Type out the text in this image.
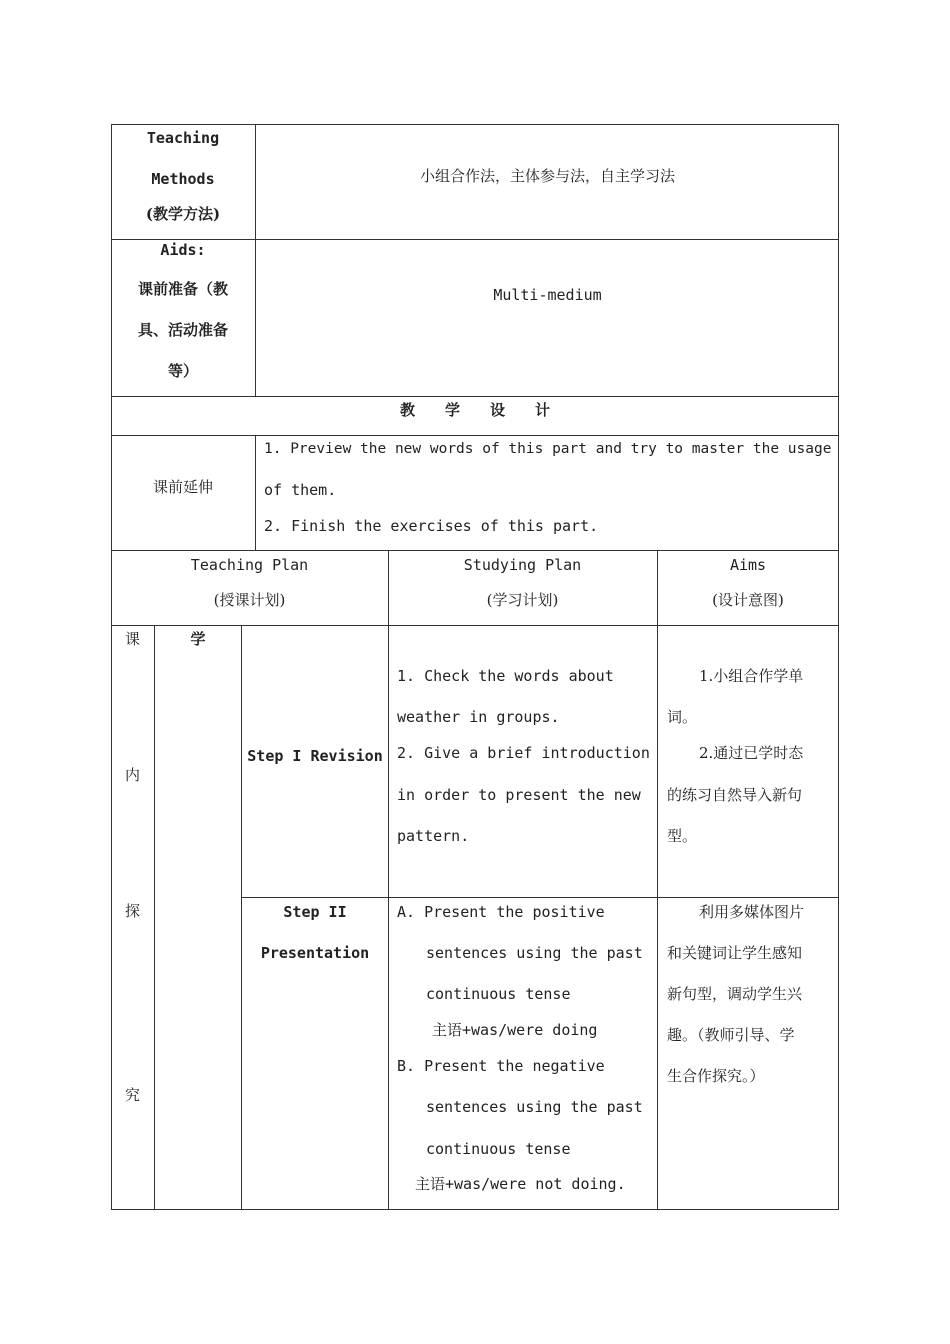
Teaching
Methods
(教学方法)
小组合作法，主体参与法，自主学习法
Aids:
课前准备（教
具、活动准备
等）
Multi-medium
教　　学　　设　　计
课前延伸
1. Preview the new words of this part and try to master the usage
of them.
2. Finish the exercises of this part.
Teaching Plan
(授课计划)
Studying Plan
(学习计划)
Aims
(设计意图)
课
内
探
究
学
Step I Revision
1. Check the words about
weather in groups.
2. Give a brief introduction
in order to present the new
pattern.
1.小组合作学单
词。
2.通过已学时态
的练习自然导入新句
型。
Step II
Presentation
A. Present the positive
sentences using the past
continuous tense
主语+was/were doing
B. Present the negative
sentences using the past
continuous tense
主语+was/were not doing.
利用多媒体图片
和关键词让学生感知
新句型，调动学生兴
趣。（教师引导、学
生合作探究。）
